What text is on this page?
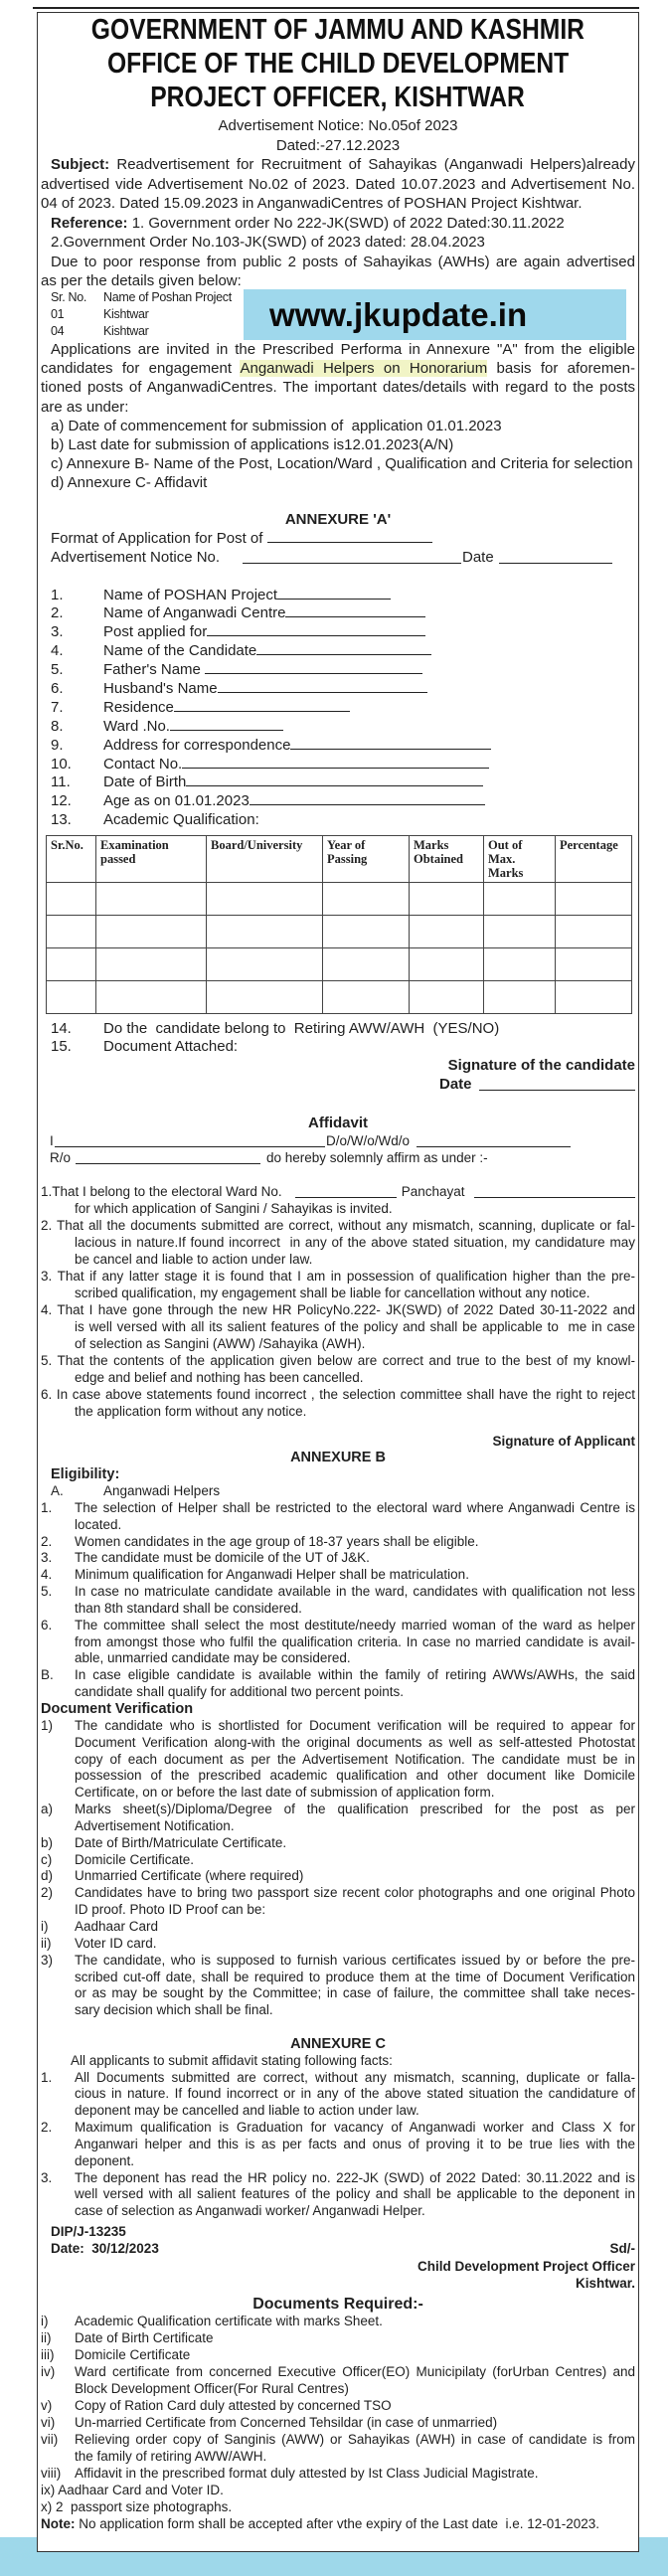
GOVERNMENT OF JAMMU AND KASHMIR
OFFICE OF THE CHILD DEVELOPMENT
PROJECT OFFICER, KISHTWAR
Advertisement Notice: No.05of 2023
Dated:-27.12.2023
Subject: Readvertisement for Recruitment of Sahayikas (Anganwadi Helpers)already
advertised vide Advertisement No.02 of 2023. Dated 10.07.2023 and Advertisement No.
04 of 2023. Dated 15.09.2023 in AnganwadiCentres of POSHAN Project Kishtwar.
Reference: 1. Government order No 222-JK(SWD) of 2022 Dated:30.11.2022
2.Government Order No.103-JK(SWD) of 2023 dated: 28.04.2023
Due to poor response from public 2 posts of Sahayikas (AWHs) are again advertised
as per the details given below:
Sr. No. Name of Poshan Project
01	Kishtwar
04	Kishtwar
Applications are invited in the Prescribed Performa in Annexure "A" from the eligible
candidates for engagement Anganwadi Helpers on Honorarium basis for aforemen-
tioned posts of AnganwadiCentres. The important dates/details with regard to the posts
are as under:
a) Date of commencement for submission of  application 01.01.2023
b) Last date for submission of applications is12.01.2023(A/N)
c) Annexure B- Name of the Post, Location/Ward , Qualification and Criteria for selection
d) Annexure C- Affidavit
ANNEXURE 'A'
Format of Application for Post of
Advertisement Notice No.	Date
1.	Name of POSHAN Project
2.	Name of Anganwadi Centre
3.	Post applied for
4.	Name of the Candidate
5.	Father's Name
6.	Husband's Name
7.	Residence
8.	Ward .No.
9.	Address for correspondence
10. Contact No.
11. Date of Birth
12. Age as on 01.01.2023
13. Academic Qualification:
Sr.No.	Examination passed	Board/University	Year of Passing	Marks Obtained	Out of Max. Marks	Percentage

14. Do the  candidate belong to  Retiring AWW/AWH  (YES/NO)
15. Document Attached:
Signature of the candidate
Date
Affidavit
I	D/o/W/o/Wd/o
R/o	do hereby solemnly affirm as under :-
1.That I belong to the electoral Ward No.	Panchayat
for which application of Sangini / Sahayikas is invited.
2. That all the documents submitted are correct, without any mismatch, scanning, duplicate or fal-
lacious in nature.If found incorrect  in any of the above stated situation, my candidature may
be cancel and liable to action under law.
3. That if any latter stage it is found that I am in possession of qualification higher than the pre-
scribed qualification, my engagement shall be liable for cancellation without any notice.
4. That I have gone through the new HR PolicyNo.222- JK(SWD) of 2022 Dated 30-11-2022 and
is well versed with all its salient features of the policy and shall be applicable to  me in case
of selection as Sangini (AWW) /Sahayika (AWH).
5. That the contents of the application given below are correct and true to the best of my knowl-
edge and belief and nothing has been cancelled.
6. In case above statements found incorrect , the selection committee shall have the right to reject
the application form without any notice.
Signature of Applicant
ANNEXURE B
Eligibility:
A.	Anganwadi Helpers
1. The selection of Helper shall be restricted to the electoral ward where Anganwadi Centre is
located.
2. Women candidates in the age group of 18-37 years shall be eligible.
3. The candidate must be domicile of the UT of J&K.
4. Minimum qualification for Anganwadi Helper shall be matriculation.
5. In case no matriculate candidate available in the ward, candidates with qualification not less
than 8th standard shall be considered.
6. The committee shall select the most destitute/needy married woman of the ward as helper
from amongst those who fulfil the qualification criteria. In case no married candidate is avail-
able, unmarried candidate may be considered.
B. In case eligible candidate is available within the family of retiring AWWs/AWHs, the said
candidate shall qualify for additional two percent points.
Document Verification
1) The candidate who is shortlisted for Document verification will be required to appear for
Document Verification along-with the original documents as well as self-attested Photostat
copy of each document as per the Advertisement Notification. The candidate must be in
possession of the prescribed academic qualification and other document like Domicile
Certificate, on or before the last date of submission of application form.
a) Marks sheet(s)/Diploma/Degree of the qualification prescribed for the post as per
Advertisement Notification.
b) Date of Birth/Matriculate Certificate.
c) Domicile Certificate.
d) Unmarried Certificate (where required)
2) Candidates have to bring two passport size recent color photographs and one original Photo
ID proof. Photo ID Proof can be:
i) Aadhaar Card
ii) Voter ID card.
3) The candidate, who is supposed to furnish various certificates issued by or before the pre-
scribed cut-off date, shall be required to produce them at the time of Document Verification
or as may be sought by the Committee; in case of failure, the committee shall take neces-
sary decision which shall be final.
ANNEXURE C
All applicants to submit affidavit stating following facts:
1. All Documents submitted are correct, without any mismatch, scanning, duplicate or falla-
cious in nature. If found incorrect or in any of the above stated situation the candidature of
deponent may be cancelled and liable to action under law.
2. Maximum qualification is Graduation for vacancy of Anganwadi worker and Class X for
Anganwari helper and this is as per facts and onus of proving it to be true lies with the
deponent.
3. The deponent has read the HR policy no. 222-JK (SWD) of 2022 Dated: 30.11.2022 and is
well versed with all salient features of the policy and shall be applicable to the deponent in
case of selection as Anganwadi worker/ Anganwadi Helper.
DIP/J-13235
Date:  30/12/2023	Sd/-
Child Development Project Officer
Kishtwar.
Documents Required:-
i) Academic Qualification certificate with marks Sheet.
ii) Date of Birth Certificate
iii) Domicile Certificate
iv) Ward certificate from concerned Executive Officer(EO) Municipilaty (forUrban Centres) and
Block Development Officer(For Rural Centres)
v) Copy of Ration Card duly attested by concerned TSO
vi) Un-married Certificate from Concerned Tehsildar (in case of unmarried)
vii) Relieving order copy of Sanginis (AWW) or Sahayikas (AWH) in case of candidate is from
the family of retiring AWW/AWH.
viii) Affidavit in the prescribed format duly attested by Ist Class Judicial Magistrate.
ix) Aadhaar Card and Voter ID.
x) 2  passport size photographs.
Note: No application form shall be accepted after vthe expiry of the Last date  i.e. 12-01-2023.
www.jkupdate.in
